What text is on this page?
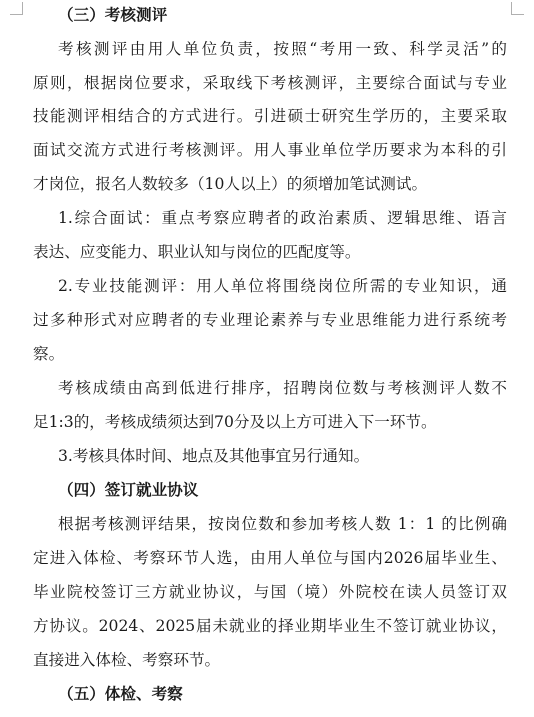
（三）考核测评
考核测评由用人单位负责，按照“考用一致、科学灵活”的
原则，根据岗位要求，采取线下考核测评，主要综合面试与专业
技能测评相结合的方式进行。引进硕士研究生学历的，主要采取
面试交流方式进行考核测评。用人事业单位学历要求为本科的引
才岗位，报名人数较多（10人以上）的须增加笔试测试。
1.综合面试：重点考察应聘者的政治素质、逻辑思维、语言
表达、应变能力、职业认知与岗位的匹配度等。
2.专业技能测评：用人单位将围绕岗位所需的专业知识，通
过多种形式对应聘者的专业理论素养与专业思维能力进行系统考
察。
考核成绩由高到低进行排序，招聘岗位数与考核测评人数不
足1:3的，考核成绩须达到70分及以上方可进入下一环节。
3.考核具体时间、地点及其他事宜另行通知。
（四）签订就业协议
根据考核测评结果，按岗位数和参加考核人数 1：1 的比例确
定进入体检、考察环节人选，由用人单位与国内2026届毕业生、
毕业院校签订三方就业协议，与国（境）外院校在读人员签订双
方协议。2024、2025届未就业的择业期毕业生不签订就业协议，
直接进入体检、考察环节。
（五）体检、考察
